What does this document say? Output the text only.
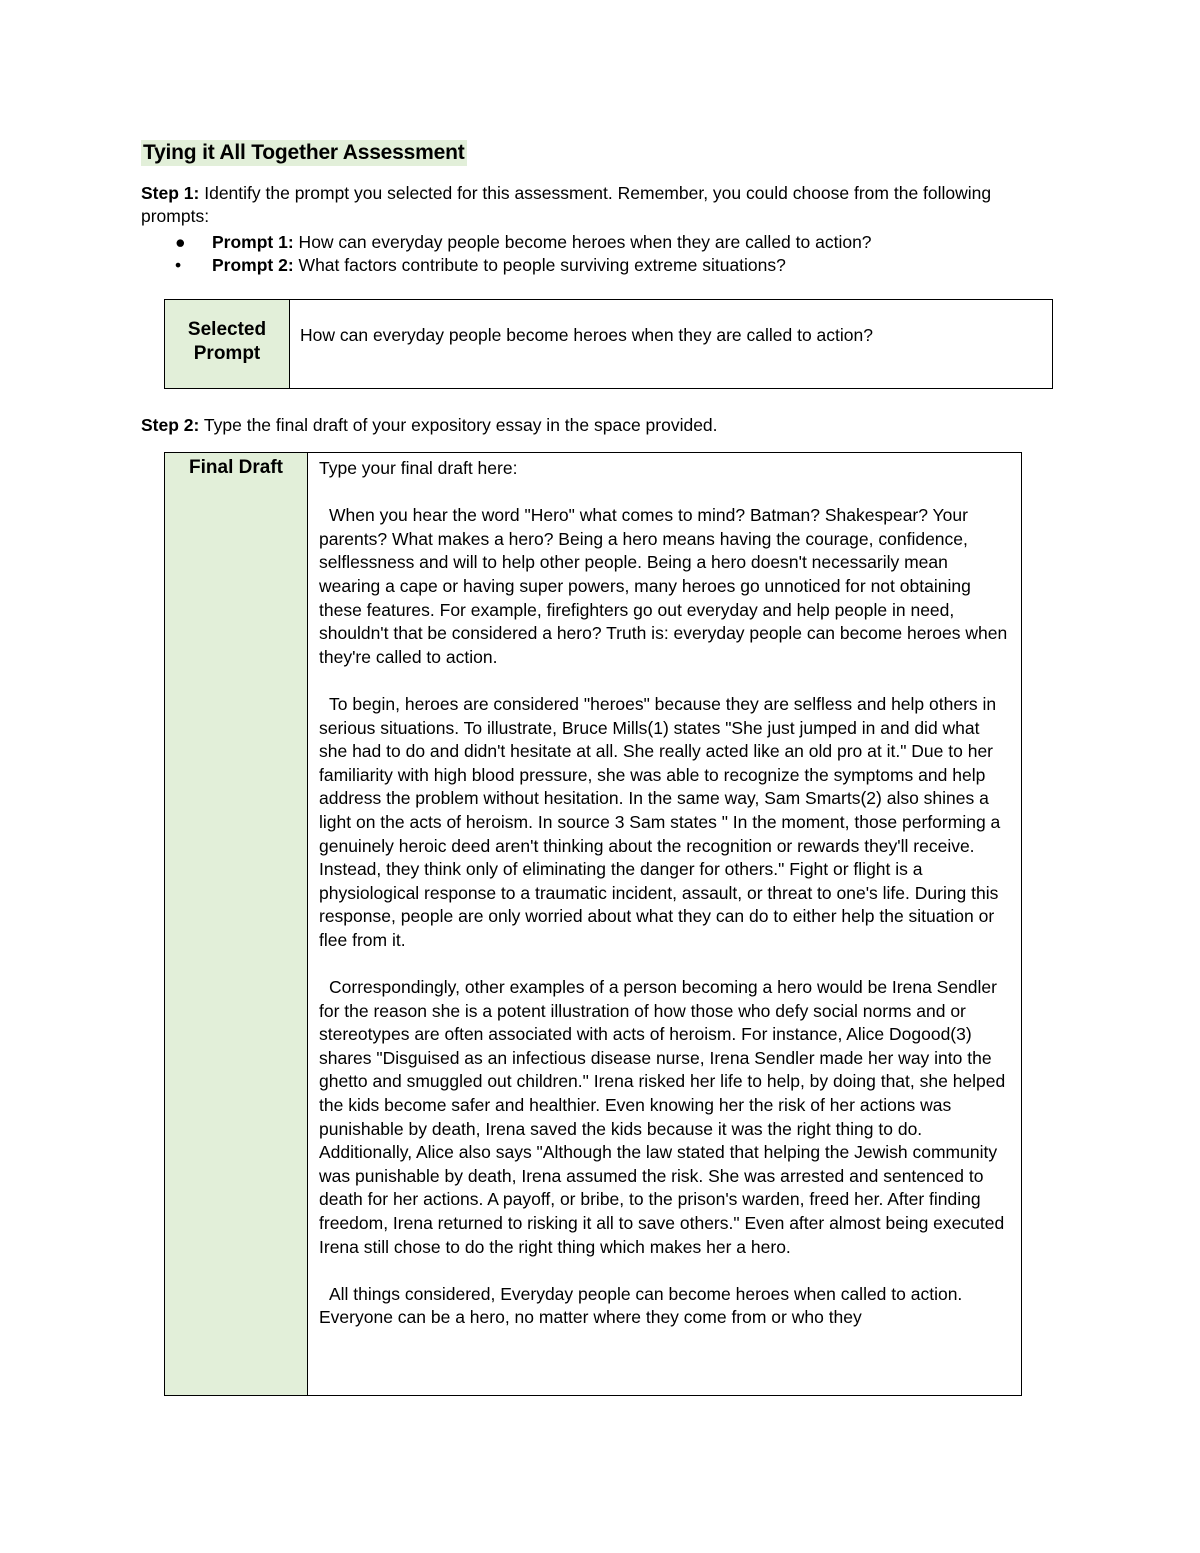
Tying it All Together Assessment
Step 1: Identify the prompt you selected for this assessment. Remember, you could choose from the following prompts:
● Prompt 1: How can everyday people become heroes when they are called to action?
• Prompt 2: What factors contribute to people surviving extreme situations?
Selected Prompt
How can everyday people become heroes when they are called to action?
Step 2: Type the final draft of your expository essay in the space provided.
Final Draft	Type your final draft here:

When you hear the word "Hero" what comes to mind? Batman? Shakespear? Your parents? What makes a hero? Being a hero means having the courage, confidence, selflessness and will to help other people. Being a hero doesn't necessarily mean wearing a cape or having super powers, many heroes go unnoticed for not obtaining these features. For example, firefighters go out everyday and help people in need, shouldn't that be considered a hero? Truth is: everyday people can become heroes when they're called to action.

To begin, heroes are considered "heroes" because they are selfless and help others in serious situations. To illustrate, Bruce Mills(1) states "She just jumped in and did what she had to do and didn't hesitate at all. She really acted like an old pro at it." Due to her familiarity with high blood pressure, she was able to recognize the symptoms and help address the problem without hesitation. In the same way, Sam Smarts(2) also shines a light on the acts of heroism. In source 3 Sam states " In the moment, those performing a genuinely heroic deed aren't thinking about the recognition or rewards they'll receive. Instead, they think only of eliminating the danger for others." Fight or flight is a physiological response to a traumatic incident, assault, or threat to one's life. During this response, people are only worried about what they can do to either help the situation or flee from it.

Correspondingly, other examples of a person becoming a hero would be Irena Sendler for the reason she is a potent illustration of how those who defy social norms and or stereotypes are often associated with acts of heroism. For instance, Alice Dogood(3) shares "Disguised as an infectious disease nurse, Irena Sendler made her way into the ghetto and smuggled out children." Irena risked her life to help, by doing that, she helped the kids become safer and healthier. Even knowing her the risk of her actions was punishable by death, Irena saved the kids because it was the right thing to do. Additionally, Alice also says "Although the law stated that helping the Jewish community was punishable by death, Irena assumed the risk. She was arrested and sentenced to death for her actions. A payoff, or bribe, to the prison's warden, freed her. After finding freedom, Irena returned to risking it all to save others." Even after almost being executed Irena still chose to do the right thing which makes her a hero.

All things considered, Everyday people can become heroes when called to action. Everyone can be a hero, no matter where they come from or who they
